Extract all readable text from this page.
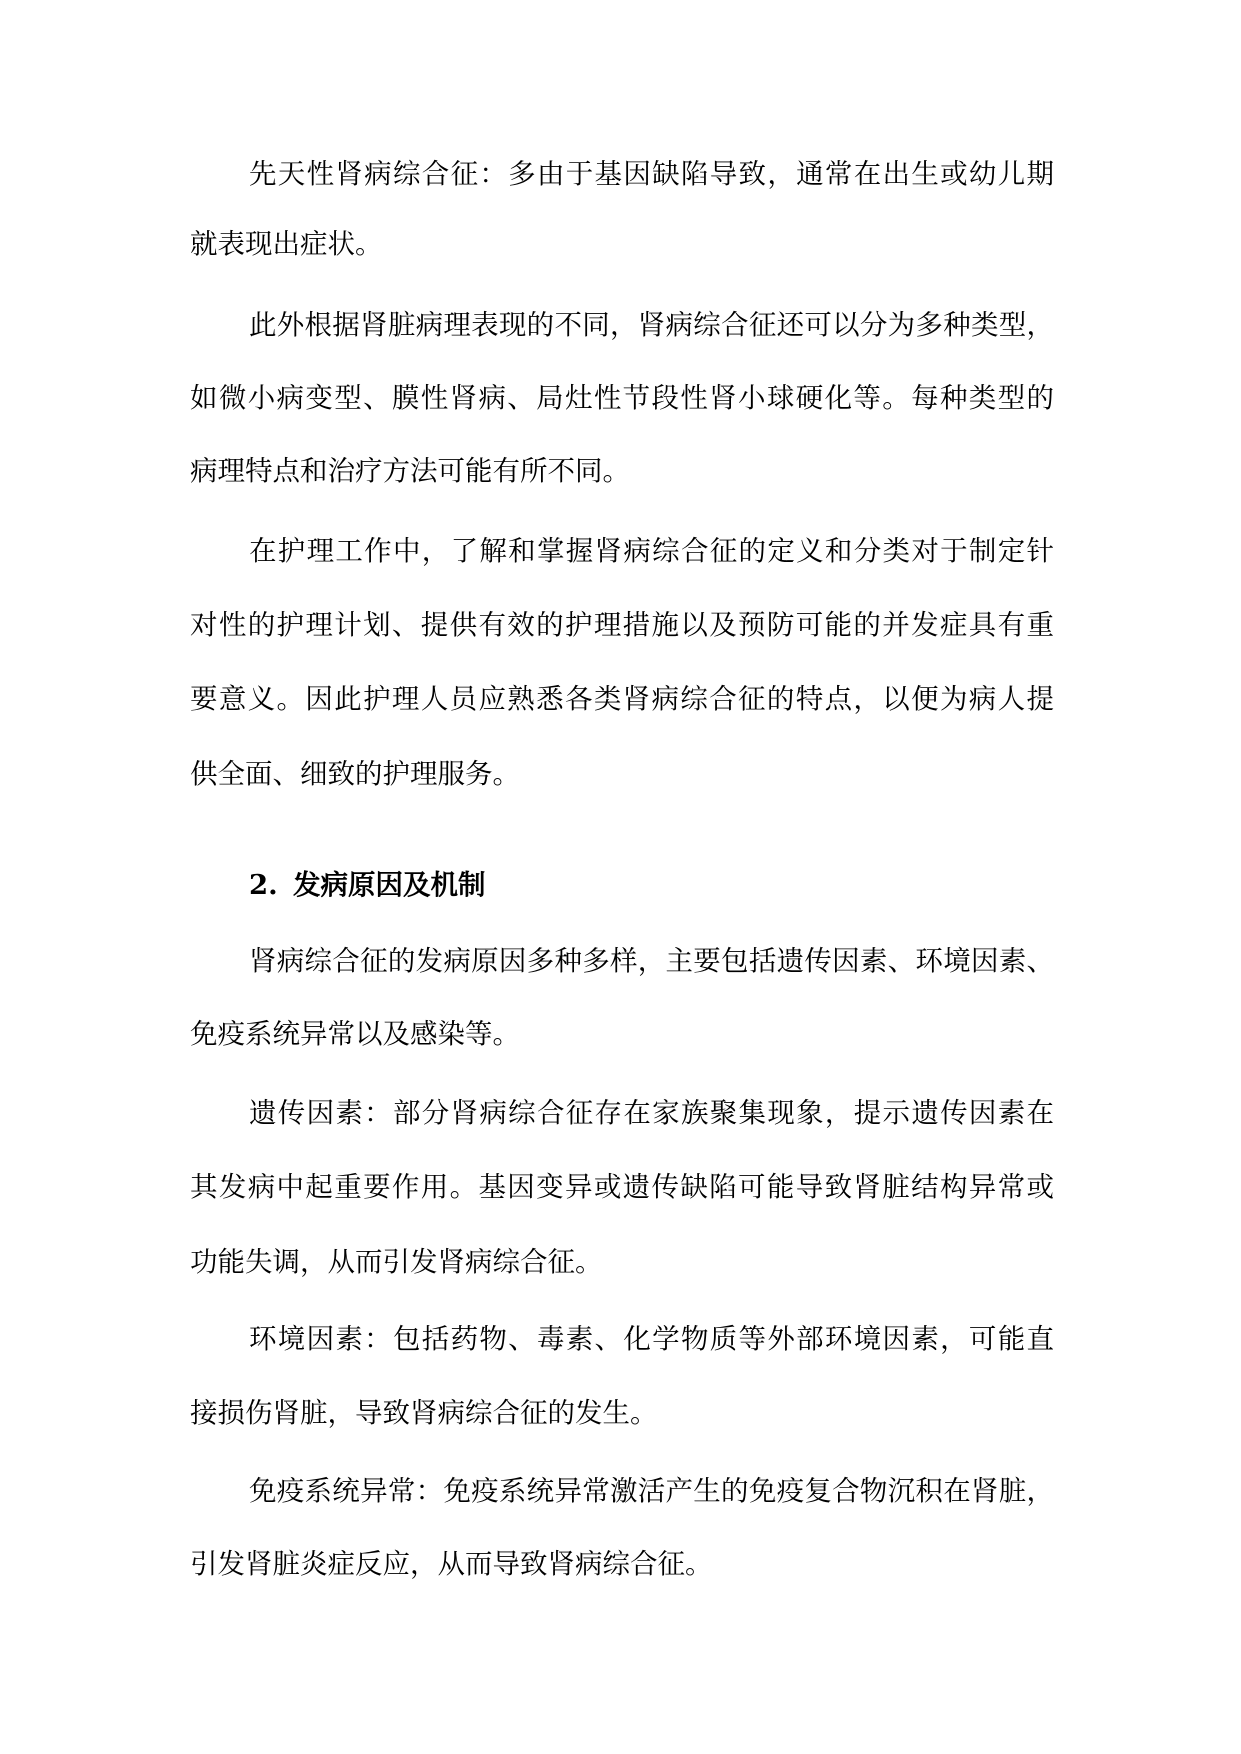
先天性肾病综合征：多由于基因缺陷导致，通常在出生或幼儿期
就表现出症状。
此外根据肾脏病理表现的不同，肾病综合征还可以分为多种类型，
如微小病变型、膜性肾病、局灶性节段性肾小球硬化等。每种类型的
病理特点和治疗方法可能有所不同。
在护理工作中，了解和掌握肾病综合征的定义和分类对于制定针
对性的护理计划、提供有效的护理措施以及预防可能的并发症具有重
要意义。因此护理人员应熟悉各类肾病综合征的特点，以便为病人提
供全面、细致的护理服务。
2. 发病原因及机制
肾病综合征的发病原因多种多样，主要包括遗传因素、环境因素、
免疫系统异常以及感染等。
遗传因素：部分肾病综合征存在家族聚集现象，提示遗传因素在
其发病中起重要作用。基因变异或遗传缺陷可能导致肾脏结构异常或
功能失调，从而引发肾病综合征。
环境因素：包括药物、毒素、化学物质等外部环境因素，可能直
接损伤肾脏，导致肾病综合征的发生。
免疫系统异常：免疫系统异常激活产生的免疫复合物沉积在肾脏，
引发肾脏炎症反应，从而导致肾病综合征。
